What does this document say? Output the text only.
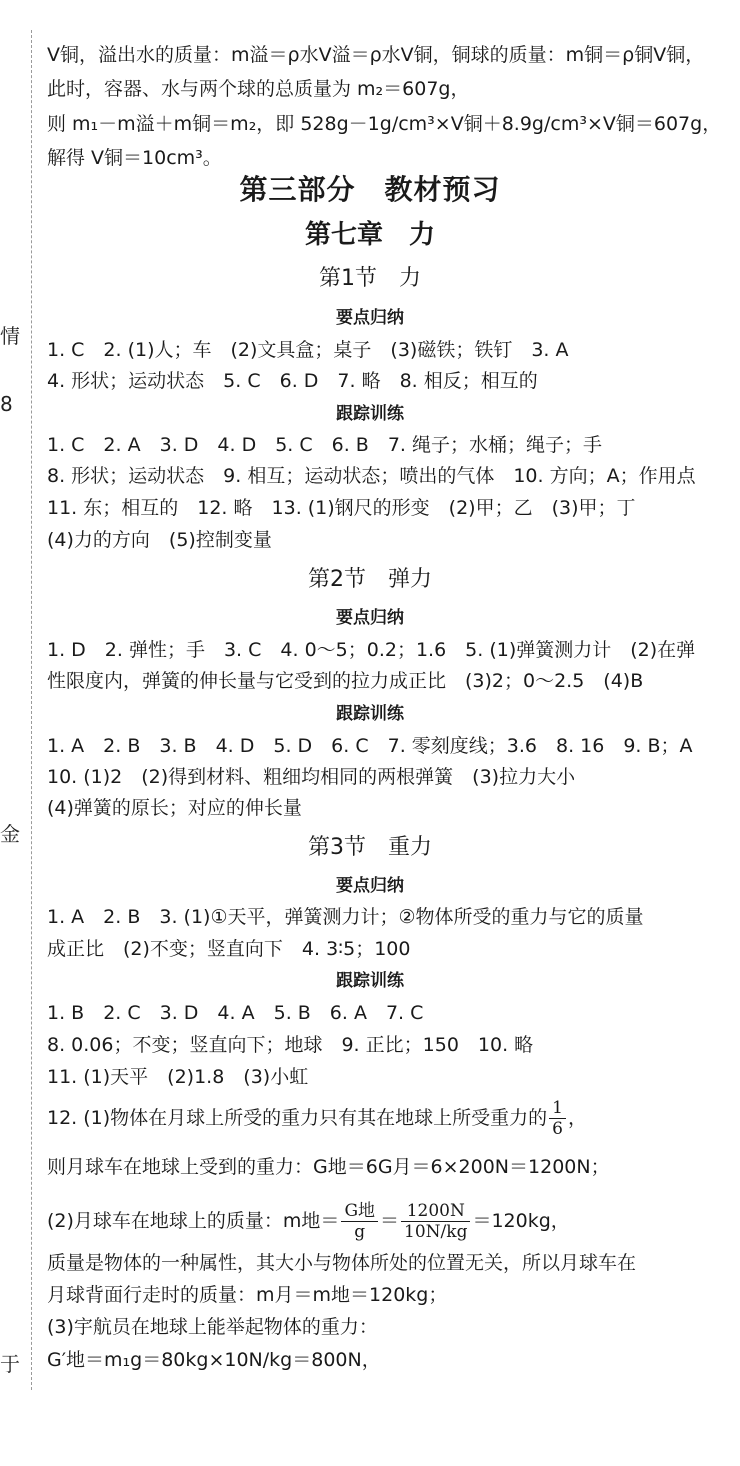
情
8
金
于
V铜，溢出水的质量：m溢＝ρ水V溢＝ρ水V铜，铜球的质量：m铜＝ρ铜V铜，
此时，容器、水与两个球的总质量为 m₂＝607g，
则 m₁－m溢＋m铜＝m₂，即 528g－1g/cm³×V铜＋8.9g/cm³×V铜＝607g，
解得 V铜＝10cm³。
第三部分　教材预习
第七章　力
第1节　力
要点归纳
1. C　2. (1)人；车　(2)文具盒；桌子　(3)磁铁；铁钉　3. A
4. 形状；运动状态　5. C　6. D　7. 略　8. 相反；相互的
跟踪训练
1. C　2. A　3. D　4. D　5. C　6. B　7. 绳子；水桶；绳子；手
8. 形状；运动状态　9. 相互；运动状态；喷出的气体　10. 方向；A；作用点
11. 东；相互的　12. 略　13. (1)钢尺的形变　(2)甲；乙　(3)甲；丁
(4)力的方向　(5)控制变量
第2节　弹力
要点归纳
1. D　2. 弹性；手　3. C　4. 0～5；0.2；1.6　5. (1)弹簧测力计　(2)在弹
性限度内，弹簧的伸长量与它受到的拉力成正比　(3)2；0～2.5　(4)B
跟踪训练
1. A　2. B　3. B　4. D　5. D　6. C　7. 零刻度线；3.6　8. 16　9. B；A
10. (1)2　(2)得到材料、粗细均相同的两根弹簧　(3)拉力大小
(4)弹簧的原长；对应的伸长量
第3节　重力
要点归纳
1. A　2. B　3. (1)①天平，弹簧测力计；②物体所受的重力与它的质量
成正比　(2)不变；竖直向下　4. 3∶5；100
跟踪训练
1. B　2. C　3. D　4. A　5. B　6. A　7. C
8. 0.06；不变；竖直向下；地球　9. 正比；150　10. 略
11. (1)天平　(2)1.8　(3)小虹
12. (1)物体在月球上所受的重力只有其在地球上所受重力的 $\frac{1}{6}$ ，
则月球车在地球上受到的重力：G地＝6G月＝6×200N＝1200N；
(2)月球车在地球上的质量：m地＝ $\frac{\text{G地}}{g} = \frac{1200N}{10N/kg} =120kg$，
质量是物体的一种属性，其大小与物体所处的位置无关，所以月球车在
月球背面行走时的质量：m月＝m地＝120kg；
(3)宇航员在地球上能举起物体的重力：
G′地＝m₁g＝80kg×10N/kg＝800N，
